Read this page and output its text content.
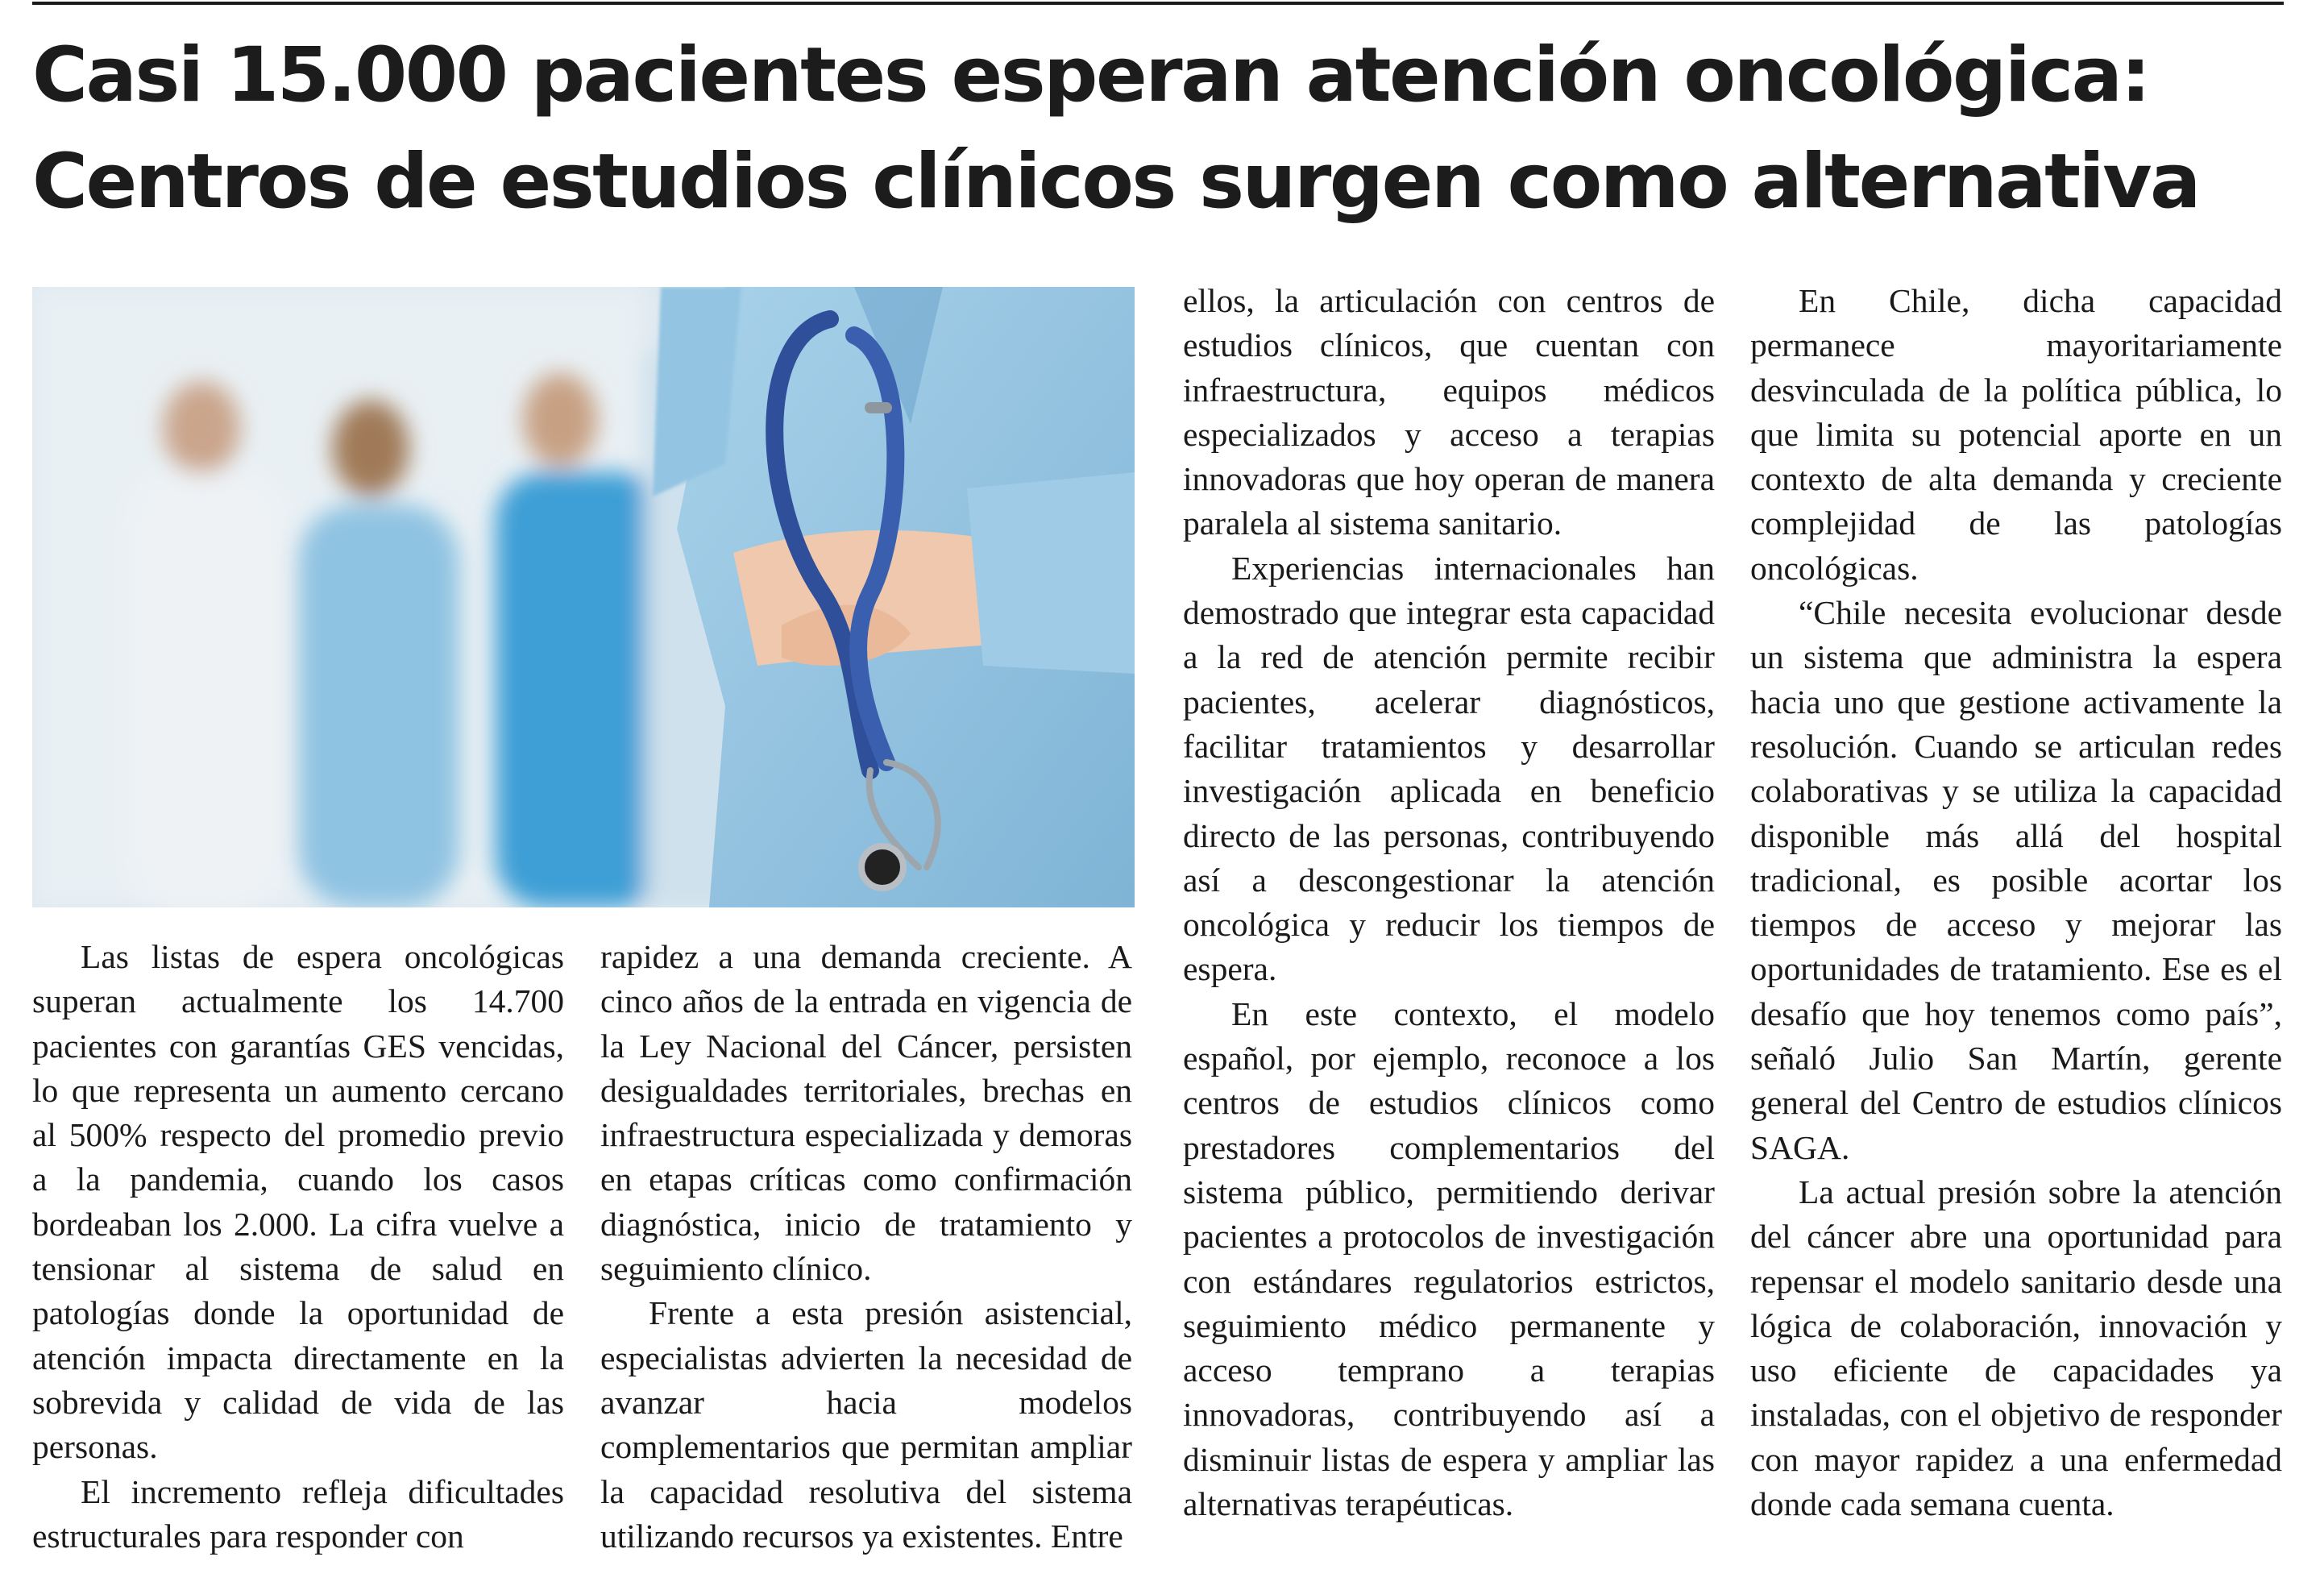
Casi 15.000 pacientes esperan atención oncológica:
Centros de estudios clínicos surgen como alternativa

Las listas de espera oncológicas superan actualmente los 14.700 pacientes con garantías GES vencidas, lo que representa un aumento cercano al 500% respecto del promedio previo a la pandemia, cuando los casos bordeaban los 2.000. La cifra vuelve a tensionar al sistema de salud en patologías donde la oportunidad de atención impacta directamente en la sobrevida y calidad de vida de las personas.

El incremento refleja dificultades estructurales para responder con

rapidez a una demanda creciente. A cinco años de la entrada en vigencia de la Ley Nacional del Cáncer, persisten desigualdades territoriales, brechas en infraestructura especializada y demoras en etapas críticas como confirmación diagnóstica, inicio de tratamiento y seguimiento clínico.

Frente a esta presión asistencial, especialistas advierten la necesidad de avanzar hacia modelos complementarios que permitan ampliar la capacidad resolutiva del sistema utilizando recursos ya existentes. Entre

ellos, la articulación con centros de estudios clínicos, que cuentan con infraestructura, equipos médicos especializados y acceso a terapias innovadoras que hoy operan de manera paralela al sistema sanitario.

Experiencias internacionales han demostrado que integrar esta capacidad a la red de atención permite recibir pacientes, acelerar diagnósticos, facilitar tratamientos y desarrollar investigación aplicada en beneficio directo de las personas, contribuyendo así a descongestionar la atención oncológica y reducir los tiempos de espera.

En este contexto, el modelo español, por ejemplo, reconoce a los centros de estudios clínicos como prestadores complementarios del sistema público, permitiendo derivar pacientes a protocolos de investigación con estándares regulatorios estrictos, seguimiento médico permanente y acceso temprano a terapias innovadoras, contribuyendo así a disminuir listas de espera y ampliar las alternativas terapéuticas.

En Chile, dicha capacidad permanece mayoritariamente desvinculada de la política pública, lo que limita su potencial aporte en un contexto de alta demanda y creciente complejidad de las patologías oncológicas.

“Chile necesita evolucionar desde un sistema que administra la espera hacia uno que gestione activamente la resolución. Cuando se articulan redes colaborativas y se utiliza la capacidad disponible más allá del hospital tradicional, es posible acortar los tiempos de acceso y mejorar las oportunidades de tratamiento. Ese es el desafío que hoy tenemos como país”, señaló Julio San Martín, gerente general del Centro de estudios clínicos SAGA.

La actual presión sobre la atención del cáncer abre una oportunidad para repensar el modelo sanitario desde una lógica de colaboración, innovación y uso eficiente de capacidades ya instaladas, con el objetivo de responder con mayor rapidez a una enfermedad donde cada semana cuenta.
